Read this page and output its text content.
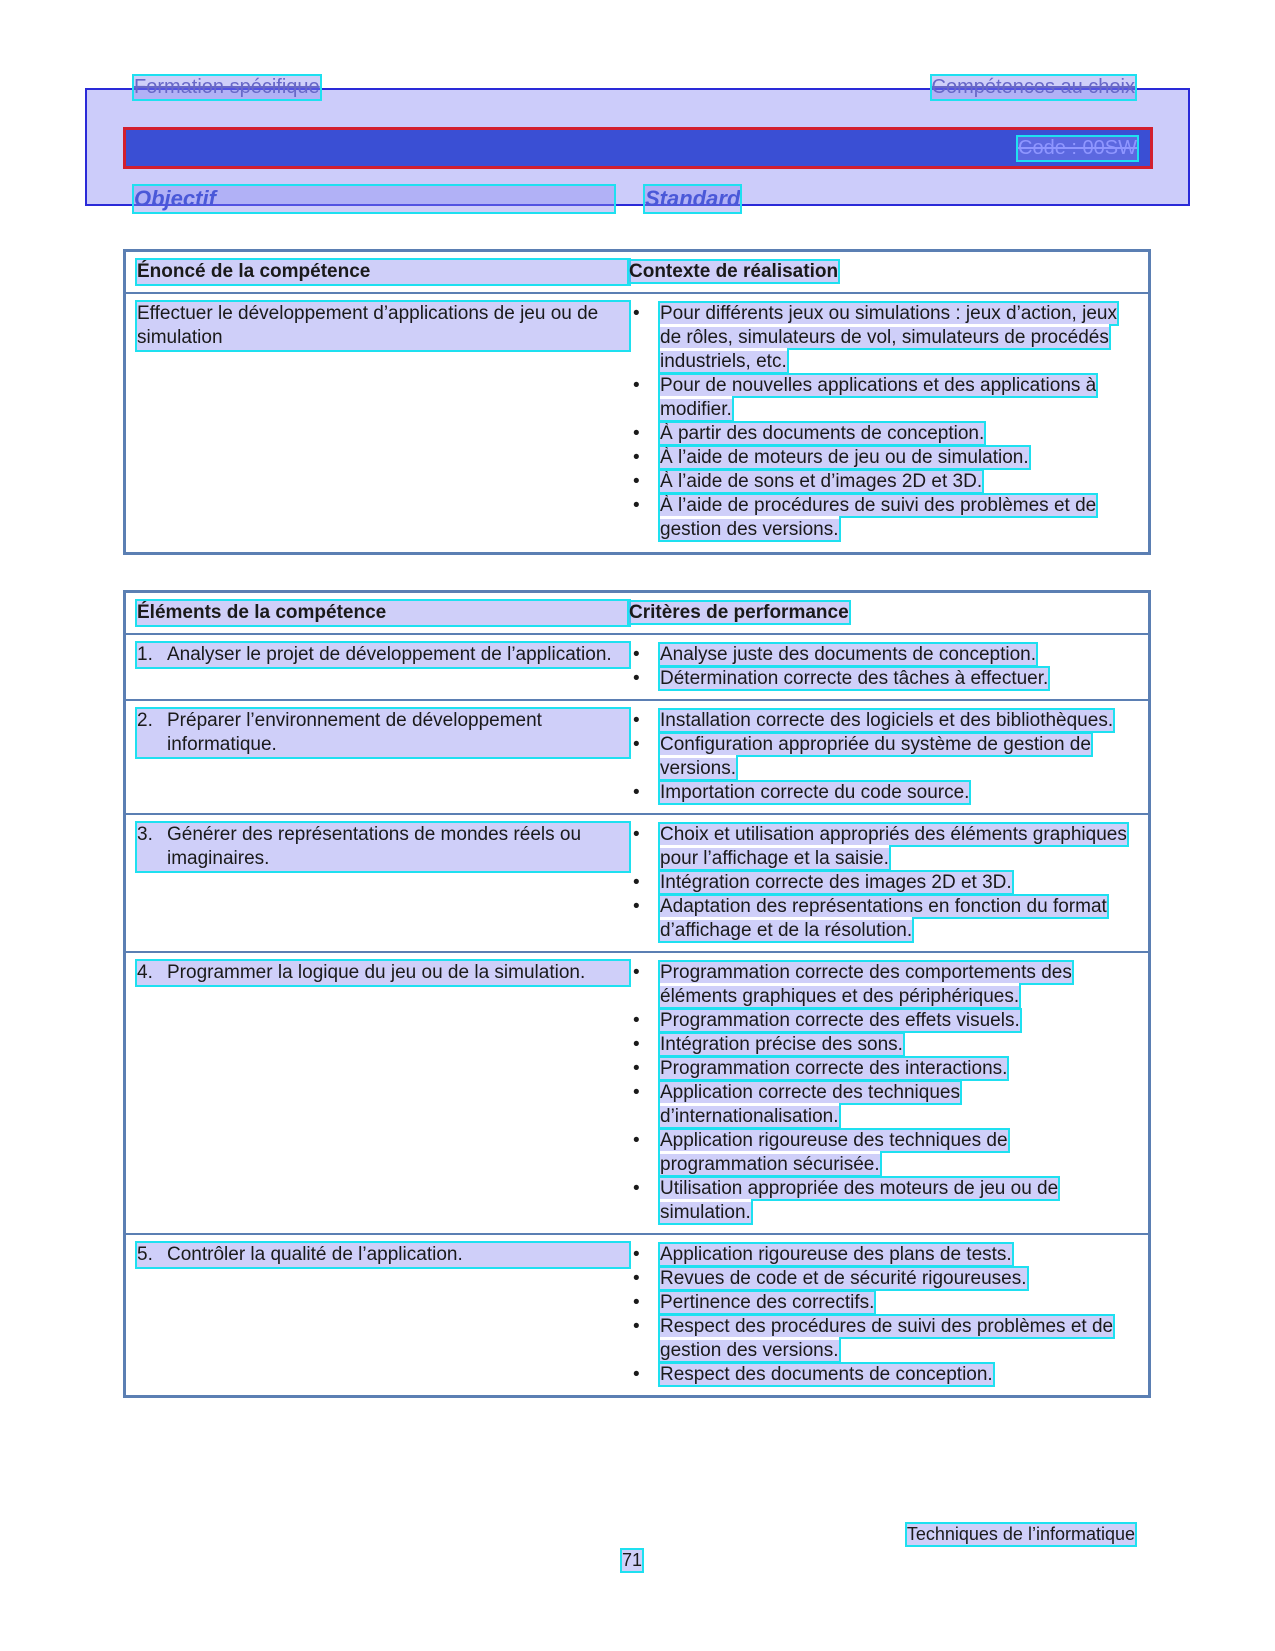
Formation spécifique	Compétences au choix
Code : 00SW
Objectif	Standard
Énoncé de la compétence	Contexte de réalisation
Effectuer le développement d’applications de jeu ou de simulation
• Pour différents jeux ou simulations : jeux d’action, jeux de rôles, simulateurs de vol, simulateurs de procédés industriels, etc.
• Pour de nouvelles applications et des applications à modifier.
• À partir des documents de conception.
• À l’aide de moteurs de jeu ou de simulation.
• À l’aide de sons et d’images 2D et 3D.
• À l’aide de procédures de suivi des problèmes et de gestion des versions.
Éléments de la compétence	Critères de performance
1. Analyser le projet de développement de l’application. • Analyse juste des documents de conception.
• Détermination correcte des tâches à effectuer.
2. Préparer l’environnement de développement informatique.
• Installation correcte des logiciels et des bibliothèques.
• Configuration appropriée du système de gestion de versions.
• Importation correcte du code source.
3. Générer des représentations de mondes réels ou imaginaires.
• Choix et utilisation appropriés des éléments graphiques pour l’affichage et la saisie.
• Intégration correcte des images 2D et 3D.
• Adaptation des représentations en fonction du format d’affichage et de la résolution.
4. Programmer la logique du jeu ou de la simulation.	• Programmation correcte des comportements des éléments graphiques et des périphériques.
• Programmation correcte des effets visuels.
• Intégration précise des sons.
• Programmation correcte des interactions.
• Application correcte des techniques d’internationalisation.
• Application rigoureuse des techniques de programmation sécurisée.
• Utilisation appropriée des moteurs de jeu ou de simulation.
5. Contrôler la qualité de l’application.	• Application rigoureuse des plans de tests.
• Revues de code et de sécurité rigoureuses.
• Pertinence des correctifs.
• Respect des procédures de suivi des problèmes et de gestion des versions.
• Respect des documents de conception.
Techniques de l’informatique
71
